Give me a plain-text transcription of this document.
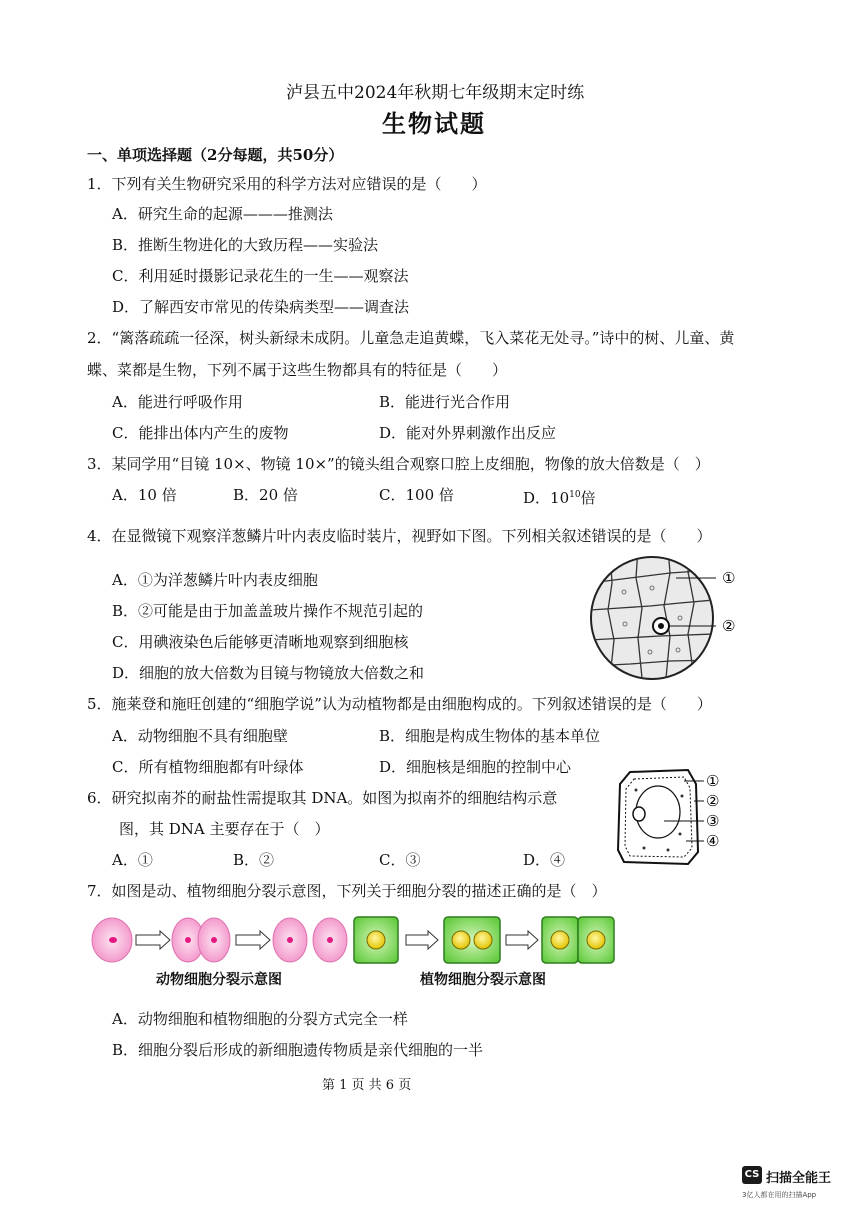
泸县五中2024年秋期七年级期末定时练
生物试题
一、单项选择题（2分每题，共50分）
1．下列有关生物研究采用的科学方法对应错误的是（　　）
A．研究生命的起源———推测法
B．推断生物进化的大致历程——实验法
C．利用延时摄影记录花生的一生——观察法
D．了解西安市常见的传染病类型——调查法
2．“篱落疏疏一径深，树头新绿未成阴。儿童急走追黄蝶，飞入菜花无处寻。”诗中的树、儿童、黄
蝶、菜都是生物，下列不属于这些生物都具有的特征是（　　）
A．能进行呼吸作用	B．能进行光合作用
C．能排出体内产生的废物	D．能对外界刺激作出反应
3．某同学用“目镜 10×、物镜 10×”的镜头组合观察口腔上皮细胞，物像的放大倍数是（　）
A．10 倍	B．20 倍	C．100 倍	D．$10^{10}$倍
4．在显微镜下观察洋葱鳞片叶内表皮临时装片，视野如下图。下列相关叙述错误的是（　　）
A．①为洋葱鳞片叶内表皮细胞
B．②可能是由于加盖盖玻片操作不规范引起的
C．用碘液染色后能够更清晰地观察到细胞核
D．细胞的放大倍数为目镜与物镜放大倍数之和
①
②
5．施莱登和施旺创建的“细胞学说”认为动植物都是由细胞构成的。下列叙述错误的是（　　）
A．动物细胞不具有细胞壁	B．细胞是构成生物体的基本单位
C．所有植物细胞都有叶绿体	D．细胞核是细胞的控制中心
6．研究拟南芥的耐盐性需提取其 DNA。如图为拟南芥的细胞结构示意
图，其 DNA 主要存在于（　）
A．①	B．②	C．③	D．④
①
②
③
④
7．如图是动、植物细胞分裂示意图，下列关于细胞分裂的描述正确的是（　）
动物细胞分裂示意图	植物细胞分裂示意图
A．动物细胞和植物细胞的分裂方式完全一样
B．细胞分裂后形成的新细胞遗传物质是亲代细胞的一半
第 1 页 共 6 页
CS 扫描全能王
3亿人都在用的扫描App
